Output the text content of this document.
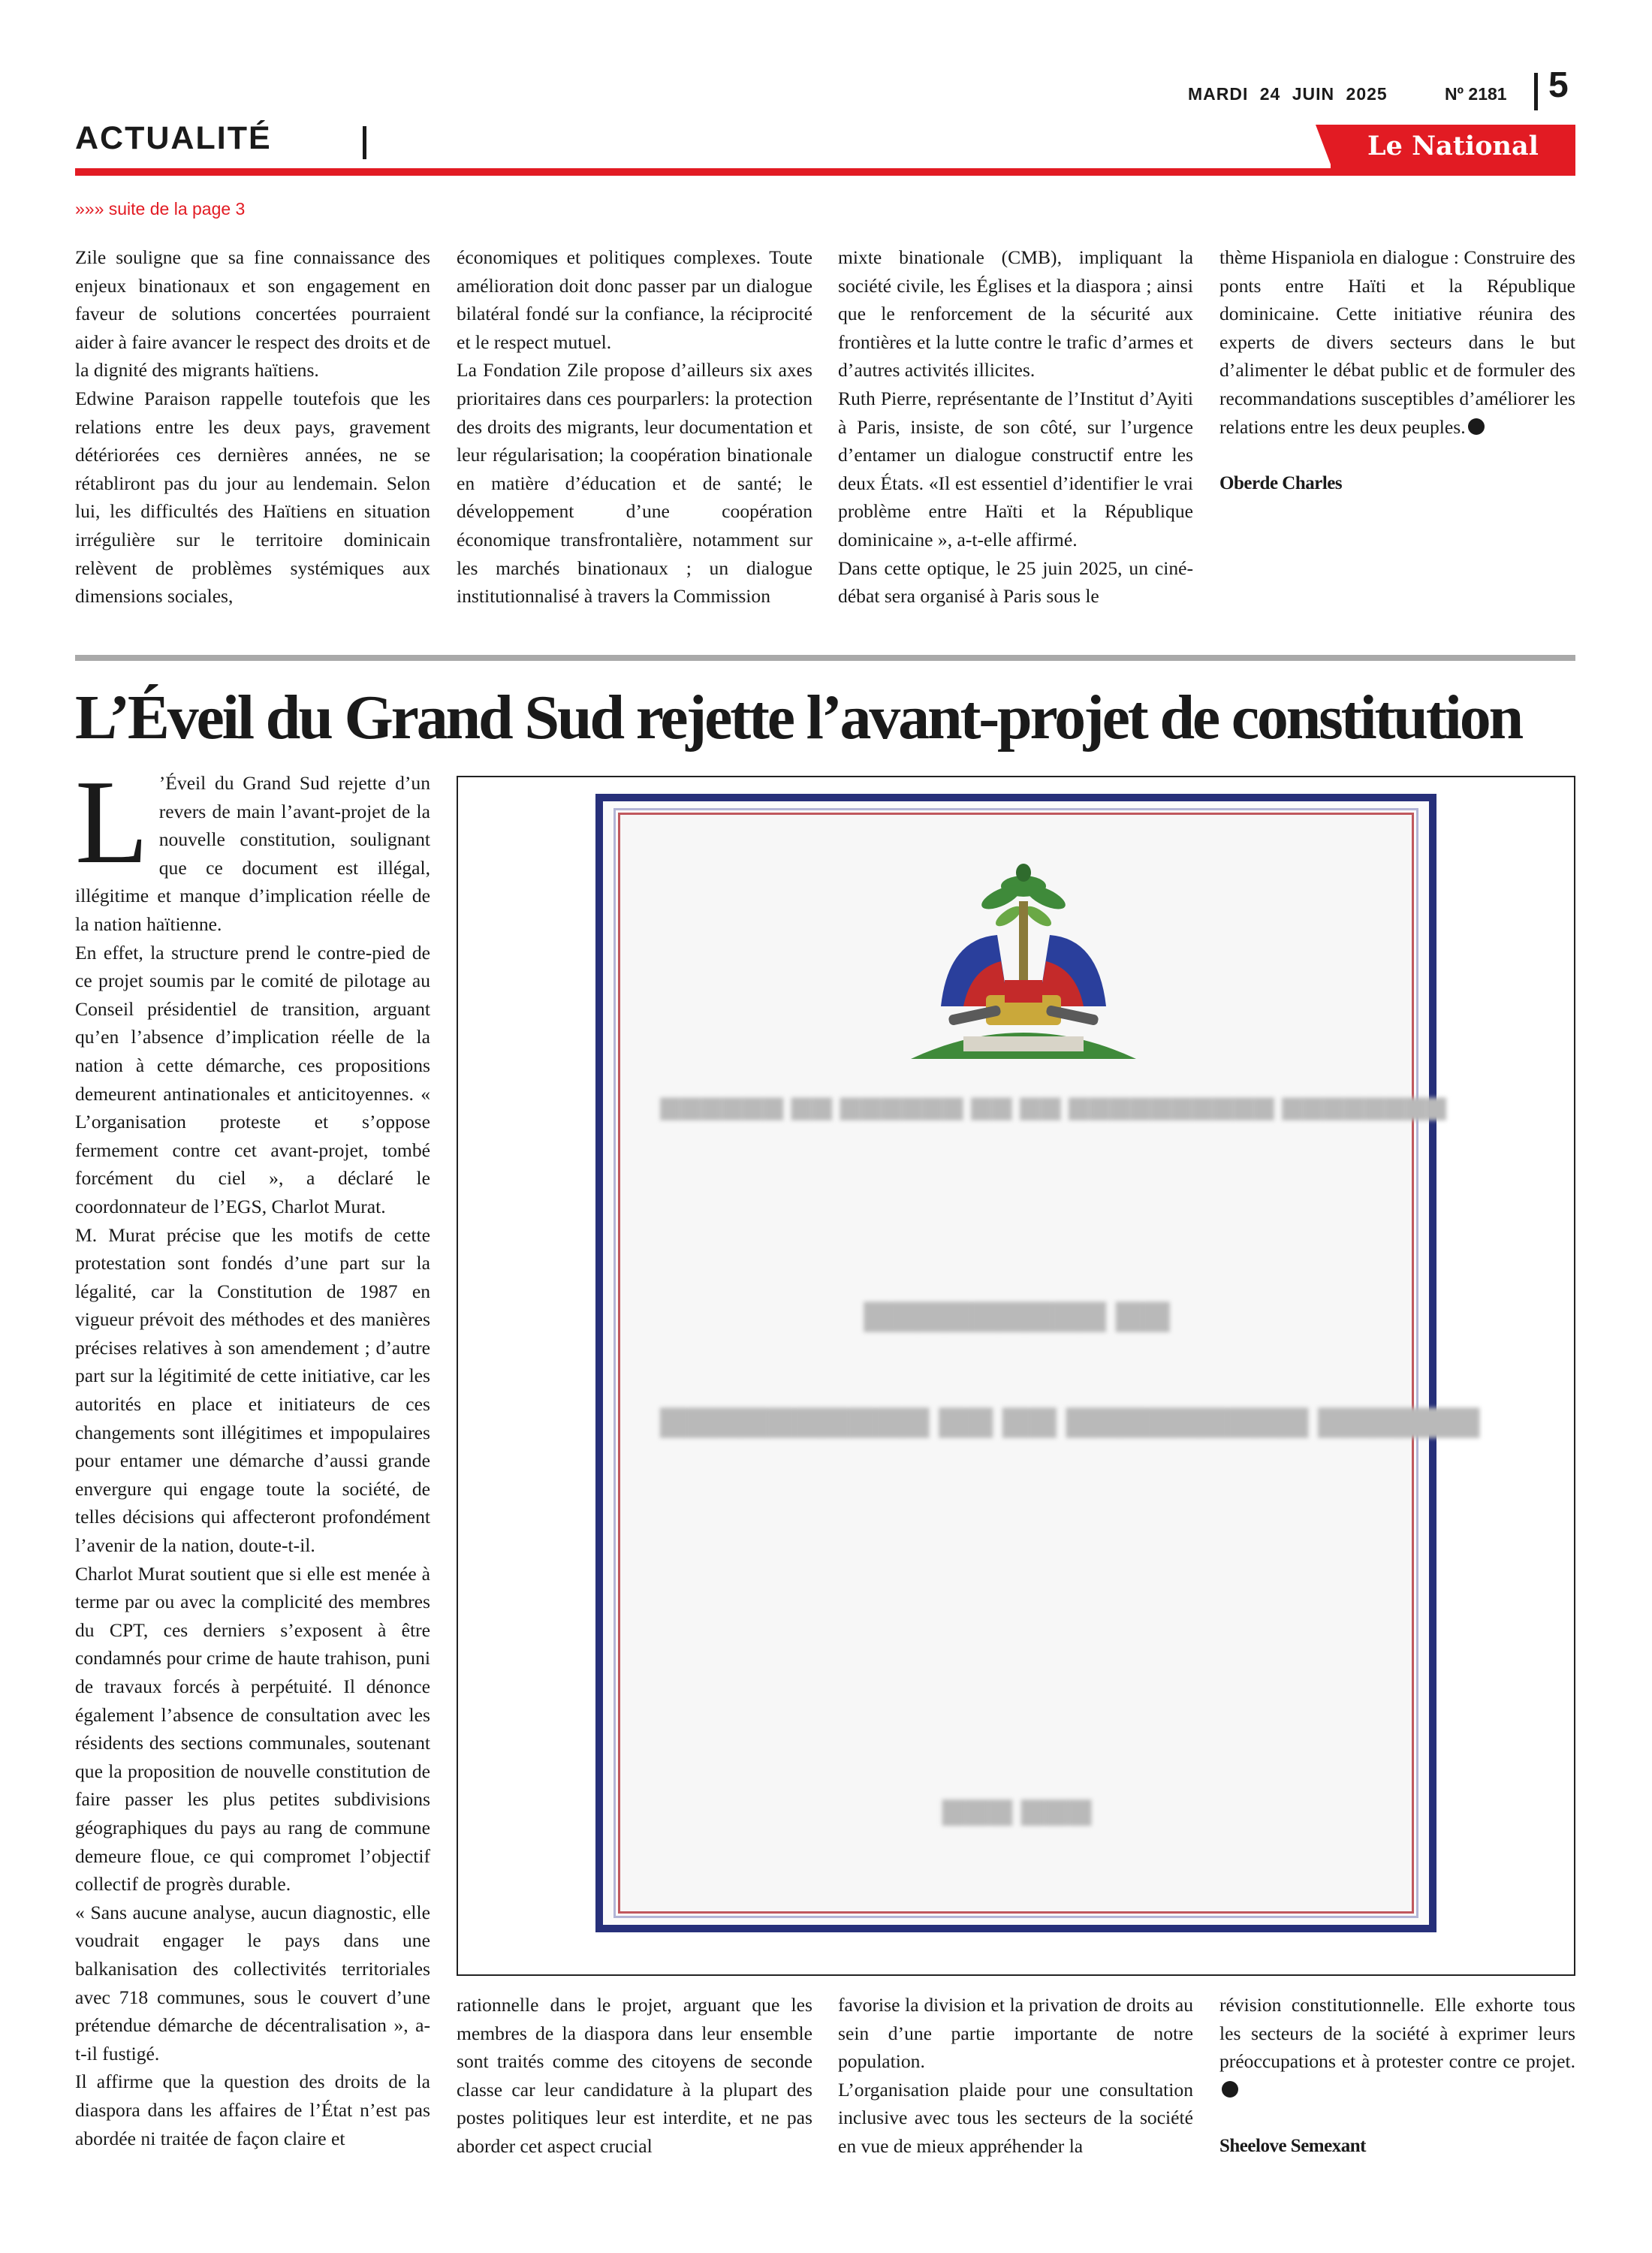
MARDI 24 JUIN 2025	Nº 2181 5
ACTUALITÉ	Le National
»»» suite de la page 3

Zile souligne que sa fine connaissance des enjeux binationaux et son engagement en faveur de solutions concertées pourraient aider à faire avancer le respect des droits et de la dignité des migrants haïtiens.

Edwine Paraison rappelle toutefois que les relations entre les deux pays, gravement détériorées ces dernières années, ne se rétabliront pas du jour au lendemain. Selon lui, les difficultés des Haïtiens en situation irrégulière sur le territoire dominicain relèvent de problèmes systémiques aux dimensions sociales,

économiques et politiques complexes. Toute amélioration doit donc passer par un dialogue bilatéral fondé sur la confiance, la réciprocité et le respect mutuel.

La Fondation Zile propose d’ailleurs six axes prioritaires dans ces pourparlers: la protection des droits des migrants, leur documentation et leur régularisation; la coopération binationale en matière d’éducation et de santé; le développement d’une coopération économique transfrontalière, notamment sur les marchés binationaux ; un dialogue institutionnalisé à travers la Commission

mixte binationale (CMB), impliquant la société civile, les Églises et la diaspora ; ainsi que le renforcement de la sécurité aux frontières et la lutte contre le trafic d’armes et d’autres activités illicites.

Ruth Pierre, représentante de l’Institut d’Ayiti à Paris, insiste, de son côté, sur l’urgence d’entamer un dialogue constructif entre les deux États. «Il est essentiel d’identifier le vrai problème entre Haïti et la République dominicaine », a-t-elle affirmé.

Dans cette optique, le 25 juin 2025, un ciné-débat sera organisé à Paris sous le

thème Hispaniola en dialogue : Construire des ponts entre Haïti et la République dominicaine. Cette initiative réunira des experts de divers secteurs dans le but d’alimenter le débat public et de formuler des recommandations susceptibles d’améliorer les relations entre les deux peuples.

Oberde Charles

L’Éveil du Grand Sud rejette l’avant-projet de constitution

L ’Éveil du Grand Sud rejette d’un revers de main l’avant-projet de la nouvelle constitution, soulignant que ce document est illégal, illégitime et manque d’implication réelle de la nation haïtienne.

En effet, la structure prend le contre-pied de ce projet soumis par le comité de pilotage au Conseil présidentiel de transition, arguant qu’en l’absence d’implication réelle de la nation à cette démarche, ces propositions demeurent antinationales et anticitoyennes. « L’organisation proteste et s’oppose fermement contre cet avant-projet, tombé forcément du ciel », a déclaré le coordonnateur de l’EGS, Charlot Murat.

M. Murat précise que les motifs de cette protestation sont fondés d’une part sur la légalité, car la Constitution de 1987 en vigueur prévoit des méthodes et des manières précises relatives à son amendement ; d’autre part sur la légitimité de cette initiative, car les autorités en place et initiateurs de ces changements sont illégitimes et impopulaires pour entamer une démarche d’aussi grande envergure qui engage toute la société, de telles décisions qui affecteront profondément l’avenir de la nation, doute-t-il.

Charlot Murat soutient que si elle est menée à terme par ou avec la complicité des membres du CPT, ces derniers s’exposent à être condamnés pour crime de haute trahison, puni de travaux forcés à perpétuité. Il dénonce également l’absence de consultation avec les résidents des sections communales, soutenant que la proposition de nouvelle constitution de faire passer les plus petites subdivisions géographiques du pays au rang de commune demeure floue, ce qui compromet l’objectif collectif de progrès durable.

« Sans aucune analyse, aucun diagnostic, elle voudrait engager le pays dans une balkanisation des collectivités territoriales avec 718 communes, sous le couvert d’une prétendue démarche de décentralisation », a-t-il fustigé.

Il affirme que la question des droits de la diaspora dans les affaires de l’État n’est pas abordée ni traitée de façon claire et

▆▆▆▆▆▆ ▆▆ ▆▆▆▆▆▆ ▆▆ ▆▆ ▆▆▆▆▆▆▆▆▆▆ ▆▆▆▆▆▆▆▆
▆▆▆▆▆▆▆▆▆ ▆▆
▆▆▆▆▆▆▆▆▆▆ ▆▆ ▆▆ ▆▆▆▆▆▆▆▆▆ ▆▆▆▆▆▆
▆▆▆ ▆▆▆

rationnelle dans le projet, arguant que les membres de la diaspora dans leur ensemble sont traités comme des citoyens de seconde classe car leur candidature à la plupart des postes politiques leur est interdite, et ne pas aborder cet aspect crucial

favorise la division et la privation de droits au sein d’une partie importante de notre population.

L’organisation plaide pour une consultation inclusive avec tous les secteurs de la société en vue de mieux appréhender la

révision constitutionnelle. Elle exhorte tous les secteurs de la société à exprimer leurs préoccupations et à protester contre ce projet.

Sheelove Semexant
